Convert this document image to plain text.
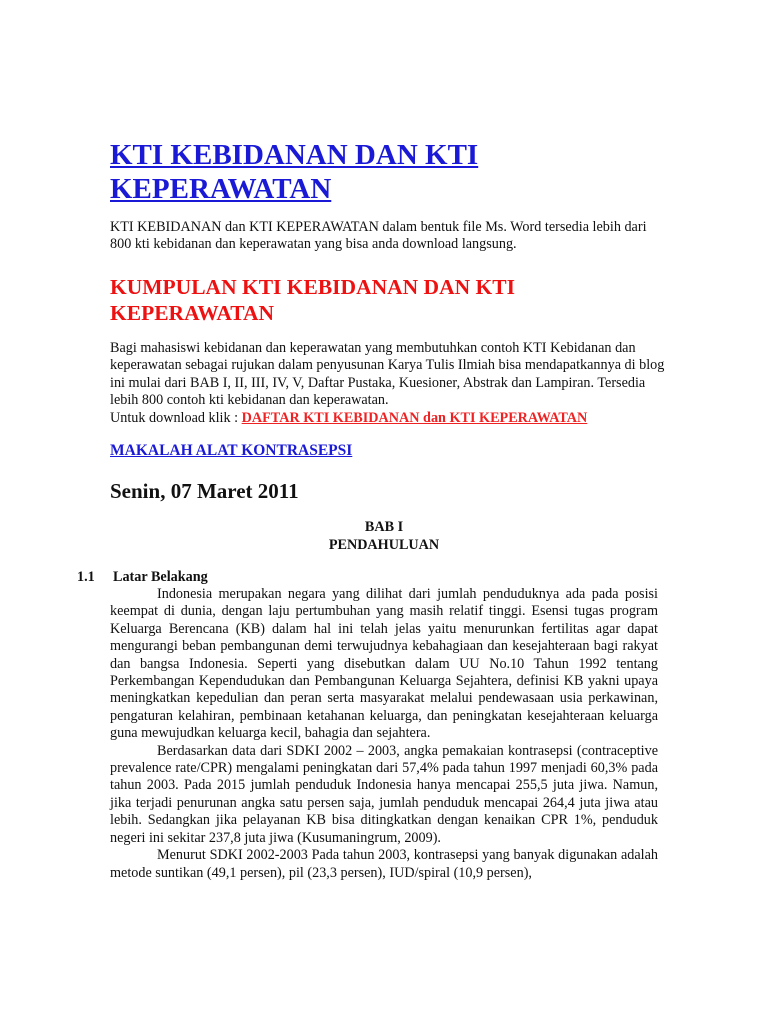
KTI KEBIDANAN DAN KTI KEPERAWATAN
KTI KEBIDANAN dan KTI KEPERAWATAN dalam bentuk file Ms. Word tersedia lebih dari 800 kti kebidanan dan keperawatan yang bisa anda download langsung.
KUMPULAN KTI KEBIDANAN DAN KTI KEPERAWATAN
Bagi mahasiswi kebidanan dan keperawatan yang membutuhkan contoh KTI Kebidanan dan keperawatan sebagai rujukan dalam penyusunan Karya Tulis Ilmiah bisa mendapatkannya di blog ini mulai dari BAB I, II, III, IV, V, Daftar Pustaka, Kuesioner, Abstrak dan Lampiran. Tersedia lebih 800 contoh kti kebidanan dan keperawatan.
Untuk download klik : DAFTAR KTI KEBIDANAN dan KTI KEPERAWATAN
MAKALAH ALAT KONTRASEPSI
Senin, 07 Maret 2011
BAB I
PENDAHULUAN
1.1 Latar Belakang

Indonesia merupakan negara yang dilihat dari jumlah penduduknya ada pada posisi keempat di dunia, dengan laju pertumbuhan yang masih relatif tinggi. Esensi tugas program Keluarga Berencana (KB) dalam hal ini telah jelas yaitu menurunkan fertilitas agar dapat mengurangi beban pembangunan demi terwujudnya kebahagiaan dan kesejahteraan bagi rakyat dan bangsa Indonesia. Seperti yang disebutkan dalam UU No.10 Tahun 1992 tentang Perkembangan Kependudukan dan Pembangunan Keluarga Sejahtera, definisi KB yakni upaya meningkatkan kepedulian dan peran serta masyarakat melalui pendewasaan usia perkawinan, pengaturan kelahiran, pembinaan ketahanan keluarga, dan peningkatan kesejahteraan keluarga guna mewujudkan keluarga kecil, bahagia dan sejahtera.

Berdasarkan data dari SDKI 2002 – 2003, angka pemakaian kontrasepsi (contraceptive prevalence rate/CPR) mengalami peningkatan dari 57,4% pada tahun 1997 menjadi 60,3% pada tahun 2003. Pada 2015 jumlah penduduk Indonesia hanya mencapai 255,5 juta jiwa. Namun, jika terjadi penurunan angka satu persen saja, jumlah penduduk mencapai 264,4 juta jiwa atau lebih. Sedangkan jika pelayanan KB bisa ditingkatkan dengan kenaikan CPR 1%, penduduk negeri ini sekitar 237,8 juta jiwa (Kusumaningrum, 2009).

Menurut SDKI 2002-2003 Pada tahun 2003, kontrasepsi yang banyak digunakan adalah metode suntikan (49,1 persen), pil (23,3 persen), IUD/spiral (10,9 persen),
